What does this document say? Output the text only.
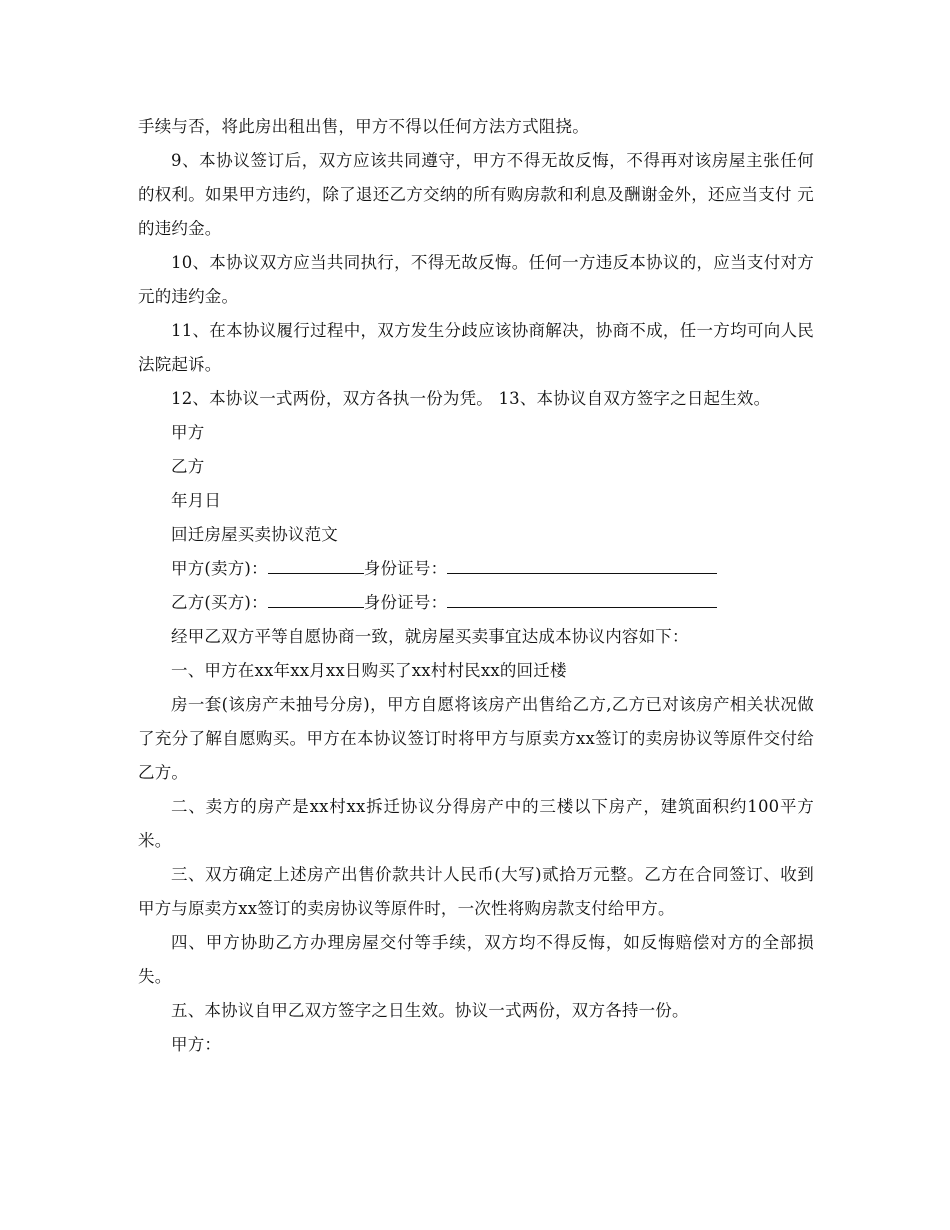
手续与否，将此房出租出售，甲方不得以任何方法方式阻挠。

9、本协议签订后，双方应该共同遵守，甲方不得无故反悔，不得再对该房屋主张任何的权利。如果甲方违约，除了退还乙方交纳的所有购房款和利息及酬谢金外，还应当支付 元的违约金。

10、本协议双方应当共同执行，不得无故反悔。任何一方违反本协议的，应当支付对方 元的违约金。

11、在本协议履行过程中，双方发生分歧应该协商解决，协商不成，任一方均可向人民法院起诉。

12、本协议一式两份，双方各执一份为凭。 13、本协议自双方签字之日起生效。

甲方

乙方

年月日

回迁房屋买卖协议范文

甲方(卖方)：	身份证号：

乙方(买方)：	身份证号：

经甲乙双方平等自愿协商一致，就房屋买卖事宜达成本协议内容如下：

一、甲方在xx年xx月xx日购买了xx村村民xx的回迁楼

房一套(该房产未抽号分房)，甲方自愿将该房产出售给乙方,乙方已对该房产相关状况做了充分了解自愿购买。甲方在本协议签订时将甲方与原卖方xx签订的卖房协议等原件交付给乙方。

二、卖方的房产是xx村xx拆迁协议分得房产中的三楼以下房产，建筑面积约100平方米。

三、双方确定上述房产出售价款共计人民币(大写)贰拾万元整。乙方在合同签订、收到甲方与原卖方xx签订的卖房协议等原件时，一次性将购房款支付给甲方。

四、甲方协助乙方办理房屋交付等手续，双方均不得反悔，如反悔赔偿对方的全部损失。

五、本协议自甲乙双方签字之日生效。协议一式两份，双方各持一份。

甲方：
